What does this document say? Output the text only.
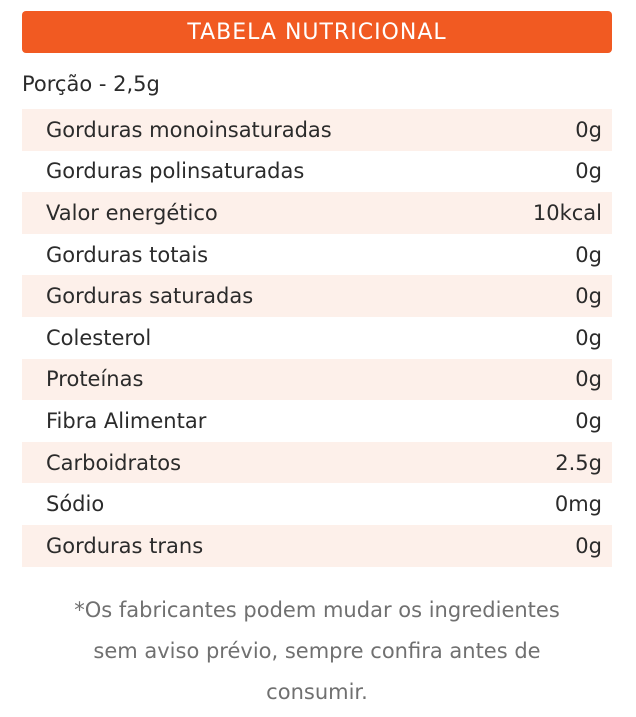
TABELA NUTRICIONAL
Porção - 2,5g
Gorduras monoinsaturadas	0g
Gorduras polinsaturadas	0g
Valor energético	10kcal
Gorduras totais	0g
Gorduras saturadas	0g
Colesterol	0g
Proteínas	0g
Fibra Alimentar	0g
Carboidratos	2.5g
Sódio	0mg
Gorduras trans	0g
*Os fabricantes podem mudar os ingredientes sem aviso prévio, sempre confira antes de consumir.
